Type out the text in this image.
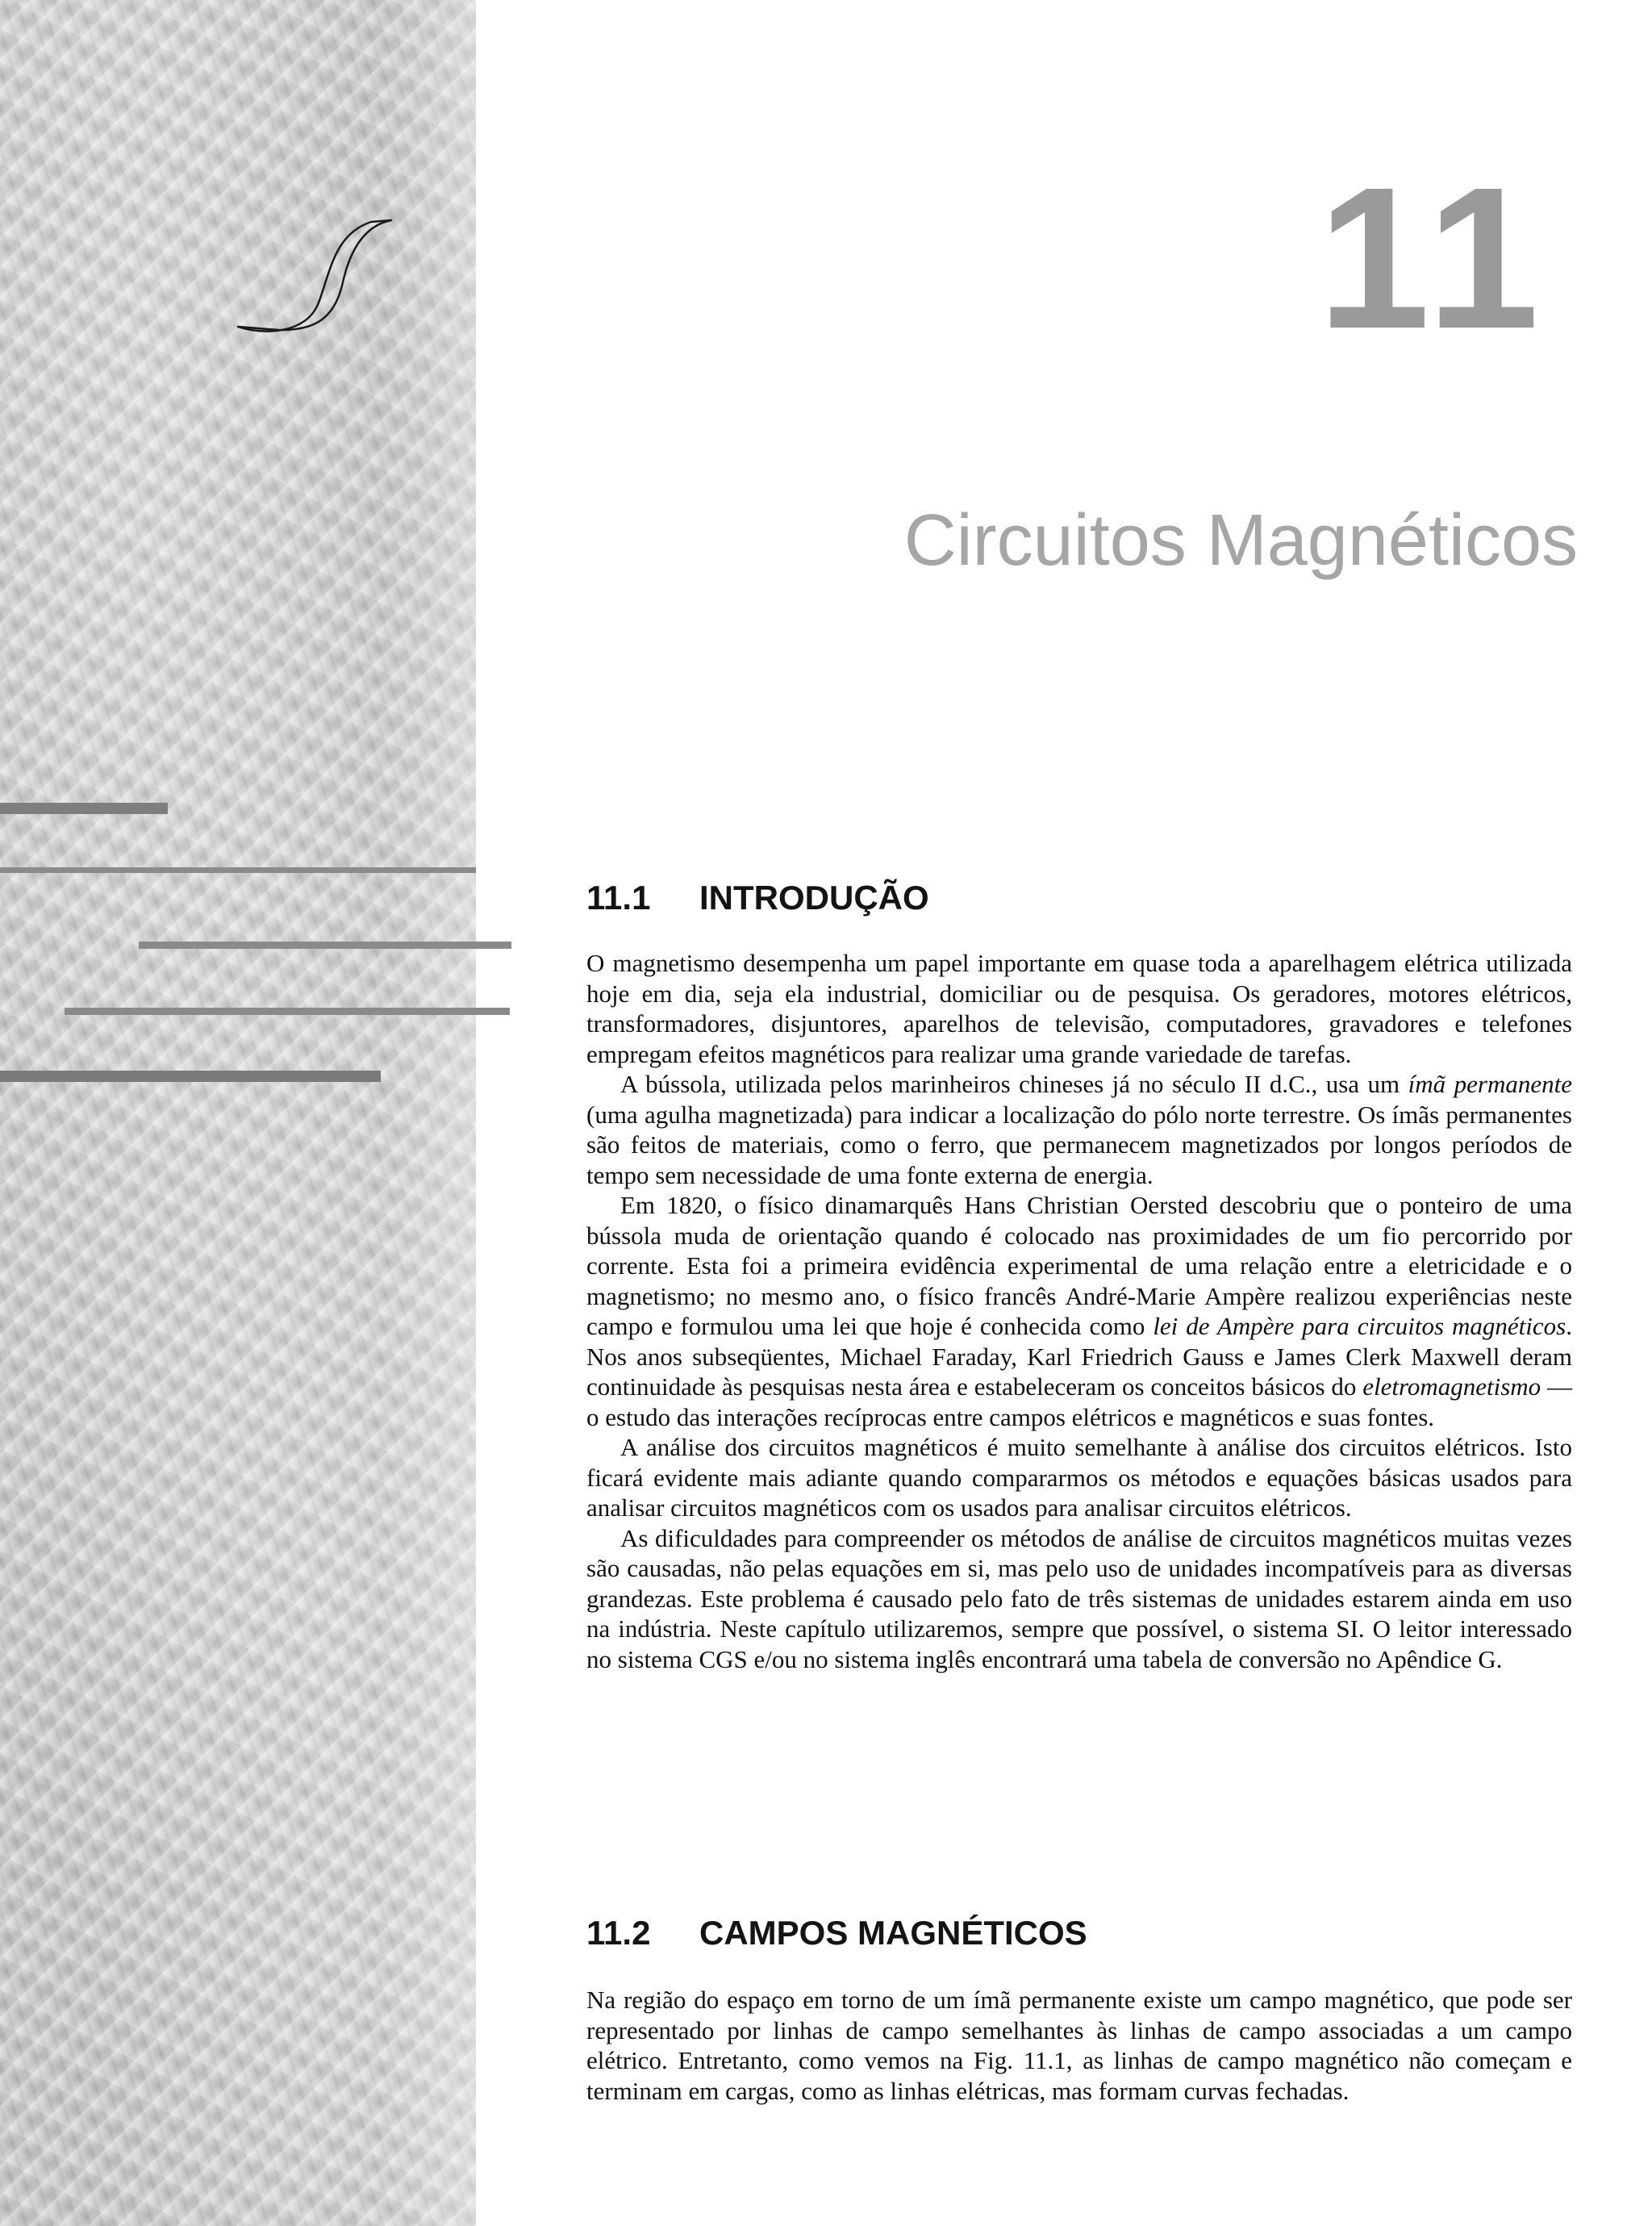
11
Circuitos Magnéticos
11.1 INTRODUÇÃO

O magnetismo desempenha um papel importante em quase toda a aparelhagem elétrica utilizada hoje em dia, seja ela industrial, domiciliar ou de pesquisa. Os geradores, motores elétricos, transformadores, disjuntores, aparelhos de televisão, computadores, gravadores e telefones empregam efeitos magnéticos para realizar uma grande variedade de tarefas.

A bússola, utilizada pelos marinheiros chineses já no século II d.C., usa um ímã permanente (uma agulha magnetizada) para indicar a localização do pólo norte terrestre. Os ímãs permanentes são feitos de materiais, como o ferro, que permanecem magnetizados por longos períodos de tempo sem necessidade de uma fonte externa de energia.

Em 1820, o físico dinamarquês Hans Christian Oersted descobriu que o ponteiro de uma bússola muda de orientação quando é colocado nas proximidades de um fio percorrido por corrente. Esta foi a primeira evidência experimental de uma relação entre a eletricidade e o magnetismo; no mesmo ano, o físico francês André-Marie Ampère realizou experiências neste campo e formulou uma lei que hoje é conhecida como lei de Ampère para circuitos magnéticos. Nos anos subseqüentes, Michael Faraday, Karl Friedrich Gauss e James Clerk Maxwell deram continuidade às pesquisas nesta área e estabeleceram os conceitos básicos do eletromagnetismo — o estudo das interações recíprocas entre campos elétricos e magnéticos e suas fontes.

A análise dos circuitos magnéticos é muito semelhante à análise dos circuitos elétricos. Isto ficará evidente mais adiante quando compararmos os métodos e equações básicas usados para analisar circuitos magnéticos com os usados para analisar circuitos elétricos.

As dificuldades para compreender os métodos de análise de circuitos magnéticos muitas vezes são causadas, não pelas equações em si, mas pelo uso de unidades incompatíveis para as diversas grandezas. Este problema é causado pelo fato de três sistemas de unidades estarem ainda em uso na indústria. Neste capítulo utilizaremos, sempre que possível, o sistema SI. O leitor interessado no sistema CGS e/ou no sistema inglês encontrará uma tabela de conversão no Apêndice G.

11.2 CAMPOS MAGNÉTICOS

Na região do espaço em torno de um ímã permanente existe um campo magnético, que pode ser representado por linhas de campo semelhantes às linhas de campo associadas a um campo elétrico. Entretanto, como vemos na Fig. 11.1, as linhas de campo magnético não começam e terminam em cargas, como as linhas elétricas, mas formam curvas fechadas.
